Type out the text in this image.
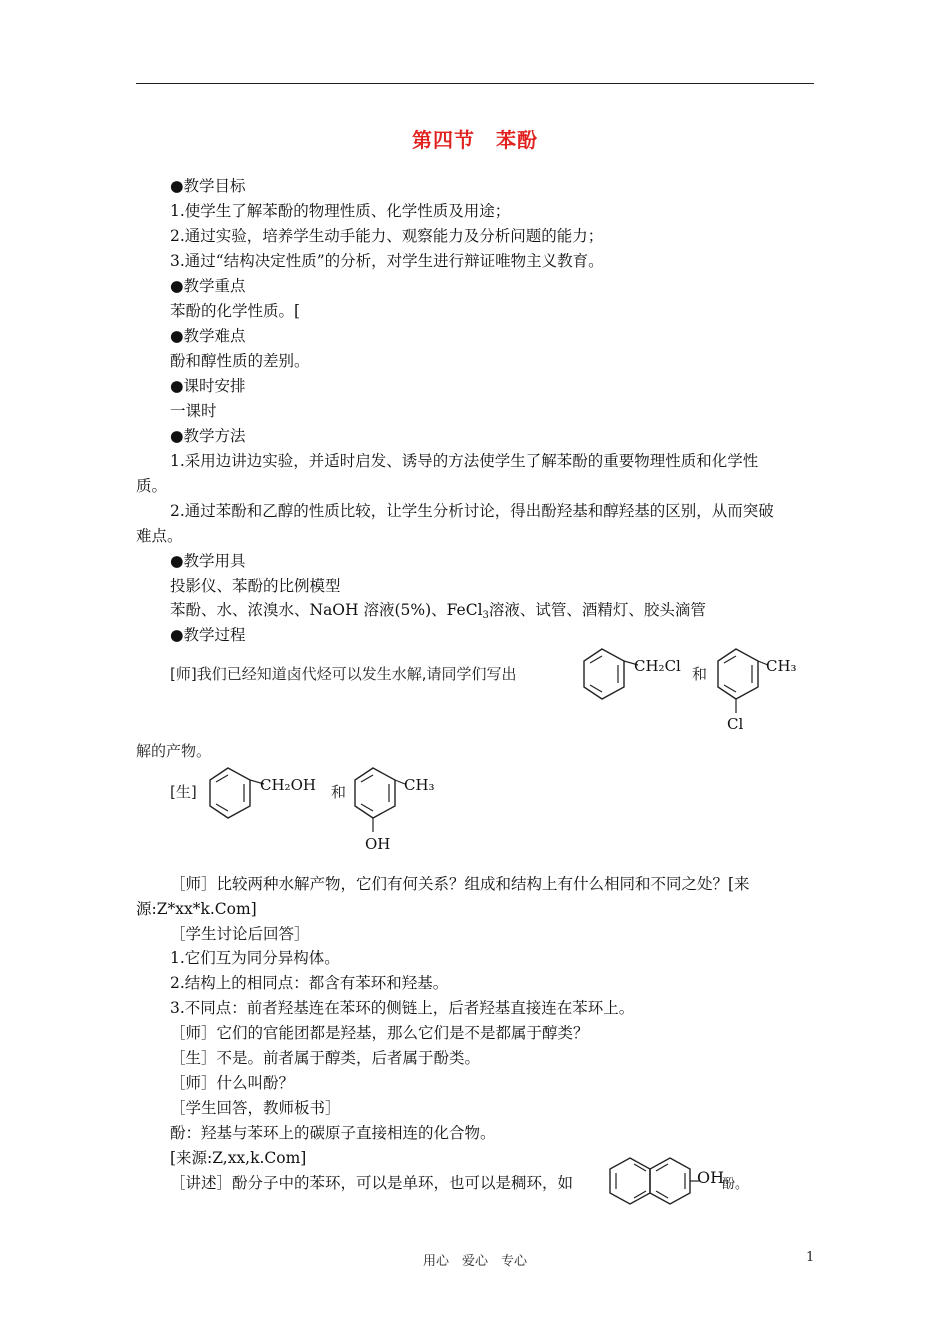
第四节　苯酚
●教学目标
1.使学生了解苯酚的物理性质、化学性质及用途；
2.通过实验，培养学生动手能力、观察能力及分析问题的能力；
3.通过“结构决定性质”的分析，对学生进行辩证唯物主义教育。
●教学重点
苯酚的化学性质。[
●教学难点
酚和醇性质的差别。
●课时安排
一课时
●教学方法
1.采用边讲边实验，并适时启发、诱导的方法使学生了解苯酚的重要物理性质和化学性
质。
2.通过苯酚和乙醇的性质比较，让学生分析讨论，得出酚羟基和醇羟基的区别，从而突破
难点。
●教学用具
投影仪、苯酚的比例模型
苯酚、水、浓溴水、NaOH 溶液(5%)、FeCl$_3$溶液、试管、酒精灯、胶头滴管
●教学过程
[师]我们已经知道卤代烃可以发生水解,请同学们写出	CH₂Cl 和	CH₃
Cl
解的产物。
[生]	CH₂OH 和	CH₃
OH
［师］比较两种水解产物，它们有何关系？组成和结构上有什么相同和不同之处？[来
源:Z*xx*k.Com]
［学生讨论后回答］
1.它们互为同分异构体。
2.结构上的相同点：都含有苯环和羟基。
3.不同点：前者羟基连在苯环的侧链上，后者羟基直接连在苯环上。
［师］它们的官能团都是羟基，那么它们是不是都属于醇类？
［生］不是。前者属于醇类，后者属于酚类。
［师］什么叫酚？
［学生回答，教师板书］
酚：羟基与苯环上的碳原子直接相连的化合物。
[来源:Z,xx,k.Com]
［讲述］酚分子中的苯环，可以是单环，也可以是稠环，如	OH
酚。
用心　爱心　专心	1
